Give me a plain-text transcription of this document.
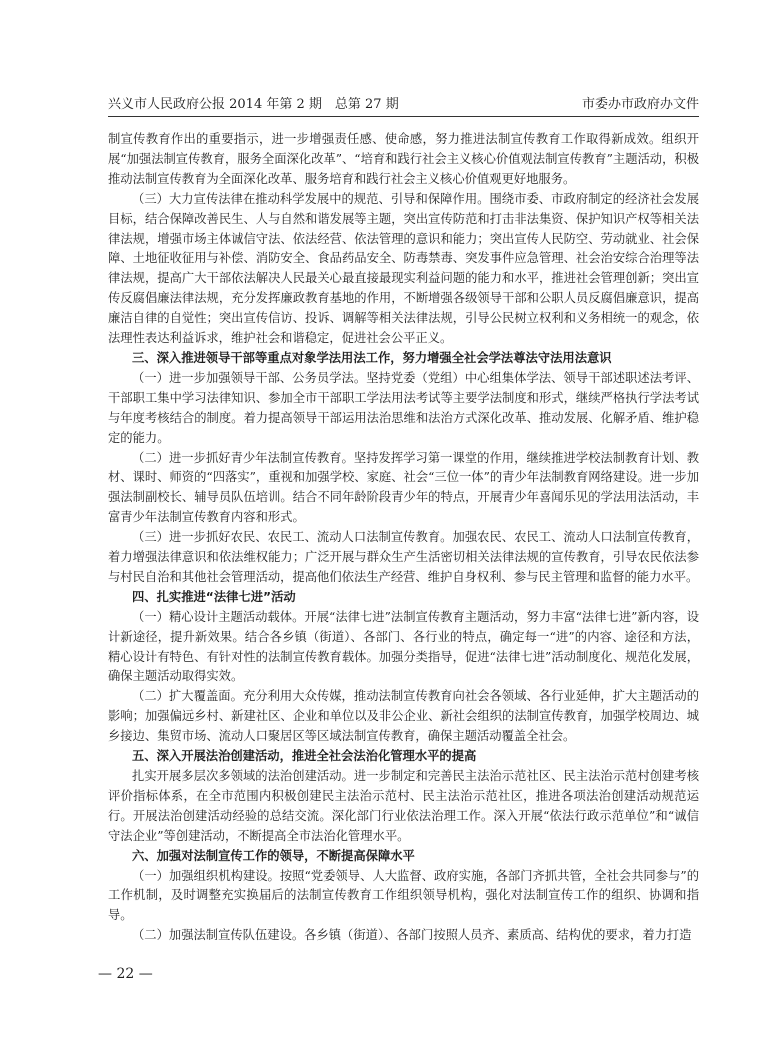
兴义市人民政府公报 2014 年第 2 期　总第 27 期	市委办市政府办文件

制宣传教育作出的重要指示，进一步增强责任感、使命感，努力推进法制宣传教育工作取得新成效。组织开展“加强法制宣传教育，服务全面深化改革”、“培育和践行社会主义核心价值观法制宣传教育”主题活动，积极推动法制宣传教育为全面深化改革、服务培育和践行社会主义核心价值观更好地服务。

（三）大力宣传法律在推动科学发展中的规范、引导和保障作用。围绕市委、市政府制定的经济社会发展目标，结合保障改善民生、人与自然和谐发展等主题，突出宣传防范和打击非法集资、保护知识产权等相关法律法规，增强市场主体诚信守法、依法经营、依法管理的意识和能力；突出宣传人民防空、劳动就业、社会保障、土地征收征用与补偿、消防安全、食品药品安全、防毒禁毒、突发事件应急管理、社会治安综合治理等法律法规，提高广大干部依法解决人民最关心最直接最现实利益问题的能力和水平，推进社会管理创新；突出宣传反腐倡廉法律法规，充分发挥廉政教育基地的作用，不断增强各级领导干部和公职人员反腐倡廉意识，提高廉洁自律的自觉性；突出宣传信访、投诉、调解等相关法律法规，引导公民树立权利和义务相统一的观念，依法理性表达利益诉求，维护社会和谐稳定，促进社会公平正义。

三、深入推进领导干部等重点对象学法用法工作，努力增强全社会学法尊法守法用法意识

（一）进一步加强领导干部、公务员学法。坚持党委（党组）中心组集体学法、领导干部述职述法考评、干部职工集中学习法律知识、参加全市干部职工学法用法考试等主要学法制度和形式，继续严格执行学法考试与年度考核结合的制度。着力提高领导干部运用法治思维和法治方式深化改革、推动发展、化解矛盾、维护稳定的能力。

（二）进一步抓好青少年法制宣传教育。坚持发挥学习第一课堂的作用，继续推进学校法制教育计划、教材、课时、师资的“四落实”，重视和加强学校、家庭、社会“三位一体”的青少年法制教育网络建设。进一步加强法制副校长、辅导员队伍培训。结合不同年龄阶段青少年的特点，开展青少年喜闻乐见的学法用法活动，丰富青少年法制宣传教育内容和形式。

（三）进一步抓好农民、农民工、流动人口法制宣传教育。加强农民、农民工、流动人口法制宣传教育，着力增强法律意识和依法维权能力；广泛开展与群众生产生活密切相关法律法规的宣传教育，引导农民依法参与村民自治和其他社会管理活动，提高他们依法生产经营、维护自身权利、参与民主管理和监督的能力水平。

四、扎实推进“法律七进”活动

（一）精心设计主题活动载体。开展“法律七进”法制宣传教育主题活动，努力丰富“法律七进”新内容，设计新途径，提升新效果。结合各乡镇（街道）、各部门、各行业的特点，确定每一“进”的内容、途径和方法，精心设计有特色、有针对性的法制宣传教育载体。加强分类指导，促进“法律七进”活动制度化、规范化发展，确保主题活动取得实效。

（二）扩大覆盖面。充分利用大众传媒，推动法制宣传教育向社会各领域、各行业延伸，扩大主题活动的影响；加强偏远乡村、新建社区、企业和单位以及非公企业、新社会组织的法制宣传教育，加强学校周边、城乡接边、集贸市场、流动人口聚居区等区域法制宣传教育，确保主题活动覆盖全社会。

五、深入开展法治创建活动，推进全社会法治化管理水平的提高

扎实开展多层次多领域的法治创建活动。进一步制定和完善民主法治示范社区、民主法治示范村创建考核评价指标体系，在全市范围内积极创建民主法治示范村、民主法治示范社区，推进各项法治创建活动规范运行。开展法治创建活动经验的总结交流。深化部门行业依法治理工作。深入开展“依法行政示范单位”和“诚信守法企业”等创建活动，不断提高全市法治化管理水平。

六、加强对法制宣传工作的领导，不断提高保障水平

（一）加强组织机构建设。按照“党委领导、人大监督、政府实施，各部门齐抓共管，全社会共同参与”的工作机制，及时调整充实换届后的法制宣传教育工作组织领导机构，强化对法制宣传工作的组织、协调和指导。

（二）加强法制宣传队伍建设。各乡镇（街道）、各部门按照人员齐、素质高、结构优的要求，着力打造

— 22 —
